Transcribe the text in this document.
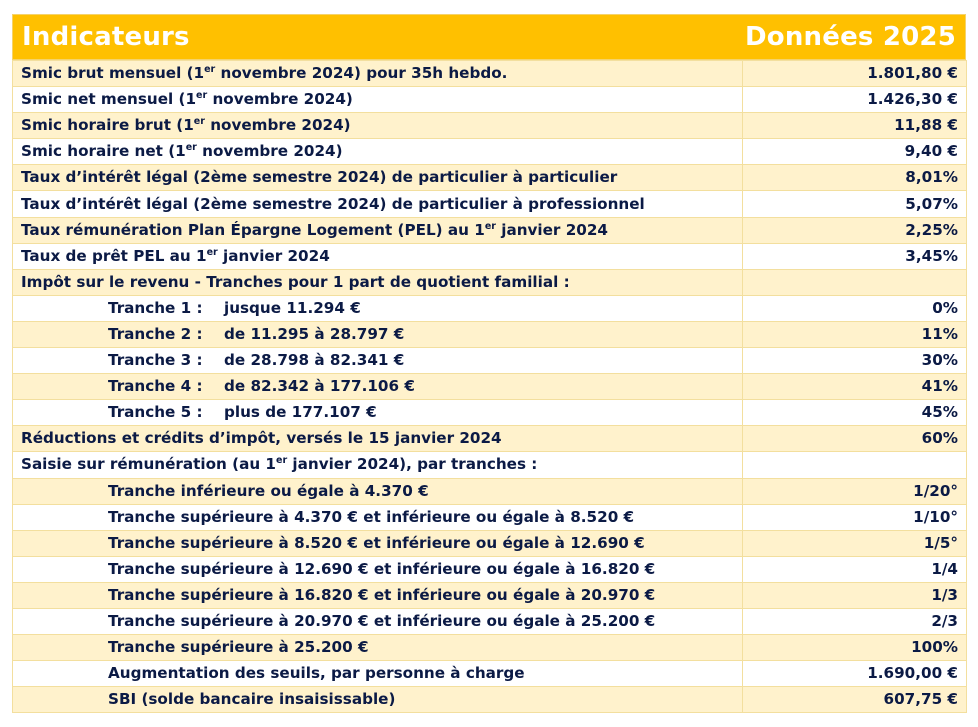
Indicateurs	Données 2025
Smic brut mensuel (1er novembre 2024) pour 35h hebdo.	1.801,80 €
Smic net mensuel (1er novembre 2024)	1.426,30 €
Smic horaire brut (1er novembre 2024)	11,88 €
Smic horaire net (1er novembre 2024)	9,40 €
Taux d’intérêt légal (2ème semestre 2024) de particulier à particulier	8,01%
Taux d’intérêt légal (2ème semestre 2024) de particulier à professionnel	5,07%
Taux rémunération Plan Épargne Logement (PEL) au 1er janvier 2024	2,25%
Taux de prêt PEL au 1er janvier 2024	3,45%
Impôt sur le revenu - Tranches pour 1 part de quotient familial :	
Tranche 1 : jusque 11.294 €	0%
Tranche 2 : de 11.295 à 28.797 €	11%
Tranche 3 : de 28.798 à 82.341 €	30%
Tranche 4 : de 82.342 à 177.106 €	41%
Tranche 5 : plus de 177.107 €	45%
Réductions et crédits d’impôt, versés le 15 janvier 2024	60%
Saisie sur rémunération (au 1er janvier 2024), par tranches :	
Tranche inférieure ou égale à 4.370 €	1/20°
Tranche supérieure à 4.370 € et inférieure ou égale à 8.520 €	1/10°
Tranche supérieure à 8.520 € et inférieure ou égale à 12.690 €	1/5°
Tranche supérieure à 12.690 € et inférieure ou égale à 16.820 €	1/4
Tranche supérieure à 16.820 € et inférieure ou égale à 20.970 €	1/3
Tranche supérieure à 20.970 € et inférieure ou égale à 25.200 €	2/3
Tranche supérieure à 25.200 €	100%
Augmentation des seuils, par personne à charge	1.690,00 €
SBI (solde bancaire insaisissable)	607,75 €
